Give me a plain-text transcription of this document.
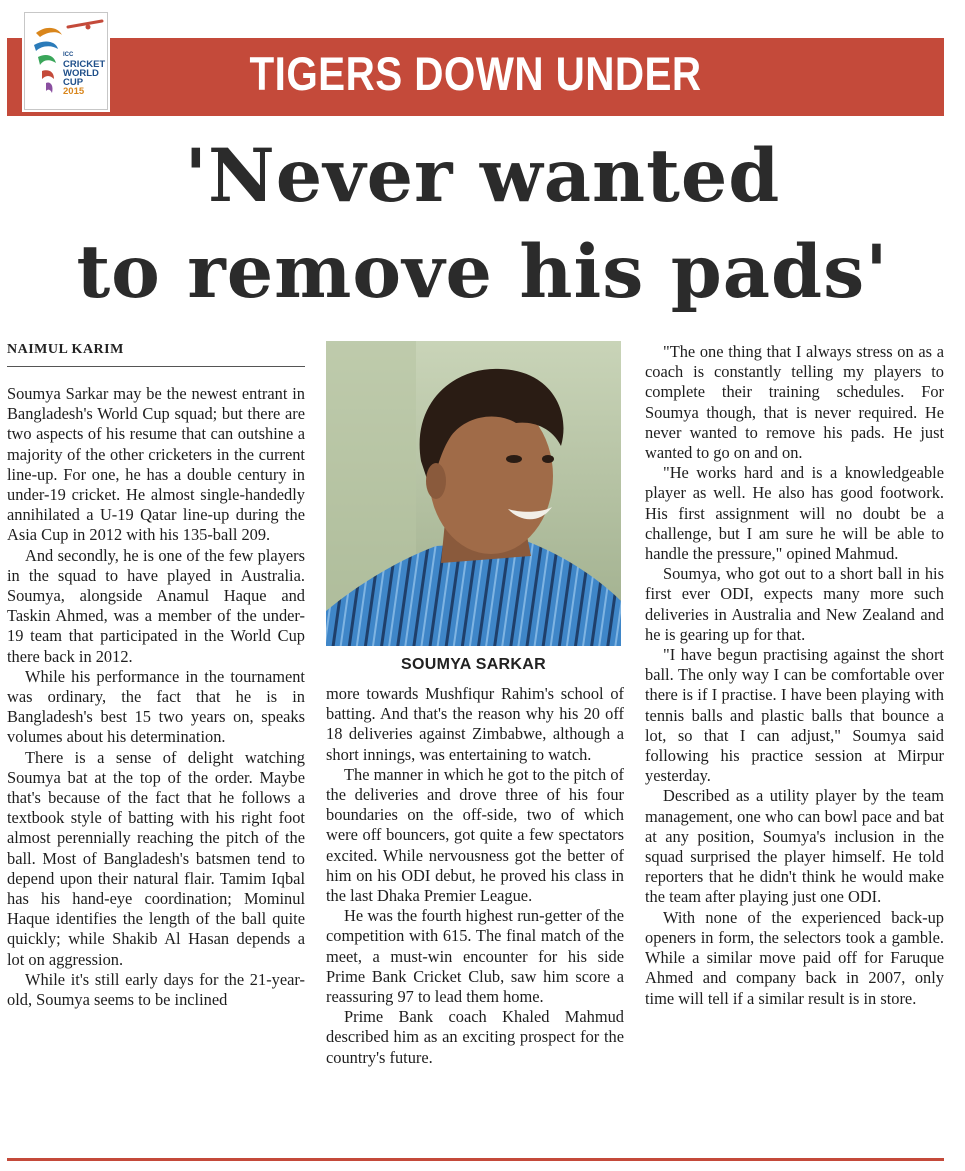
TIGERS DOWN UNDER
ICC
CRICKET
WORLD
CUP
2015
'Never wanted
to remove his pads'
NAIMUL KARIM

Soumya Sarkar may be the newest entrant in Bangladesh's World Cup squad; but there are two aspects of his resume that can outshine a majority of the other cricketers in the current line-up. For one, he has a double century in under-19 cricket. He almost single-handedly annihilated a U-19 Qatar line-up during the Asia Cup in 2012 with his 135-ball 209.

And secondly, he is one of the few players in the squad to have played in Australia. Soumya, alongside Anamul Haque and Taskin Ahmed, was a member of the under-19 team that participated in the World Cup there back in 2012.

While his performance in the tournament was ordinary, the fact that he is in Bangladesh's best 15 two years on, speaks volumes about his determination.

There is a sense of delight watching Soumya bat at the top of the order. Maybe that's because of the fact that he follows a textbook style of batting with his right foot almost perennially reaching the pitch of the ball. Most of Bangladesh's batsmen tend to depend upon their natural flair. Tamim Iqbal has his hand-eye coordination; Mominul Haque identifies the length of the ball quite quickly; while Shakib Al Hasan depends a lot on aggression.

While it's still early days for the 21-year-old, Soumya seems to be inclined

SOUMYA SARKAR

more towards Mushfiqur Rahim's school of batting. And that's the reason why his 20 off 18 deliveries against Zimbabwe, although a short innings, was entertaining to watch.

The manner in which he got to the pitch of the deliveries and drove three of his four boundaries on the off-side, two of which were off bouncers, got quite a few spectators excited. While nervousness got the better of him on his ODI debut, he proved his class in the last Dhaka Premier League.

He was the fourth highest run-getter of the competition with 615. The final match of the meet, a must-win encounter for his side Prime Bank Cricket Club, saw him score a reassuring 97 to lead them home.

Prime Bank coach Khaled Mahmud described him as an exciting prospect for the country's future.

"The one thing that I always stress on as a coach is constantly telling my players to complete their training schedules. For Soumya though, that is never required. He never wanted to remove his pads. He just wanted to go on and on.

"He works hard and is a knowledgeable player as well. He also has good footwork. His first assignment will no doubt be a challenge, but I am sure he will be able to handle the pressure," opined Mahmud.

Soumya, who got out to a short ball in his first ever ODI, expects many more such deliveries in Australia and New Zealand and he is gearing up for that.

"I have begun practising against the short ball. The only way I can be comfortable over there is if I practise. I have been playing with tennis balls and plastic balls that bounce a lot, so that I can adjust," Soumya said following his practice session at Mirpur yesterday.

Described as a utility player by the team management, one who can bowl pace and bat at any position, Soumya's inclusion in the squad surprised the player himself. He told reporters that he didn't think he would make the team after playing just one ODI.

With none of the experienced back-up openers in form, the selectors took a gamble. While a similar move paid off for Faruque Ahmed and company back in 2007, only time will tell if a similar result is in store.
